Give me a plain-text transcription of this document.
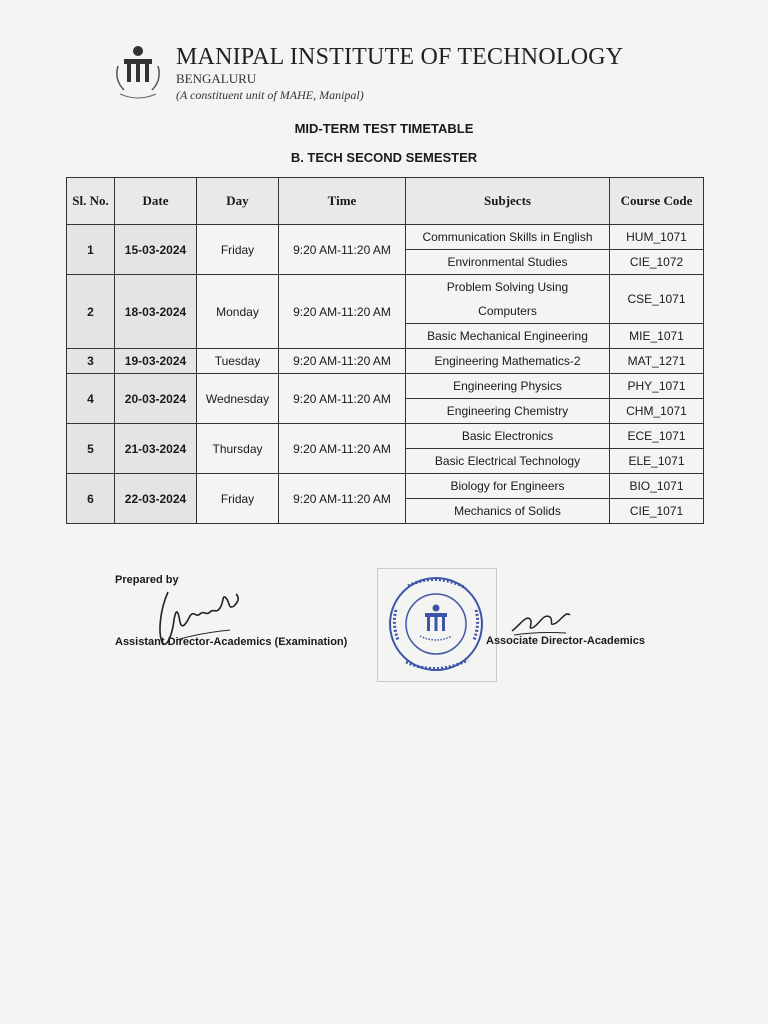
MANIPAL INSTITUTE OF TECHNOLOGY
BENGALURU
(A constituent unit of MAHE, Manipal)
MID-TERM TEST TIMETABLE
B. TECH SECOND SEMESTER
Sl. No.	Date	Day	Time	Subjects	Course Code
1	15-03-2024	Friday	9:20 AM-11:20 AM	Communication Skills in English	HUM_1071
				Environmental Studies	CIE_1072
2	18-03-2024	Monday	9:20 AM-11:20 AM	Problem Solving Using Computers	CSE_1071
				Basic Mechanical Engineering	MIE_1071
3	19-03-2024	Tuesday	9:20 AM-11:20 AM	Engineering Mathematics-2	MAT_1271
4	20-03-2024	Wednesday	9:20 AM-11:20 AM	Engineering Physics	PHY_1071
				Engineering Chemistry	CHM_1071
5	21-03-2024	Thursday	9:20 AM-11:20 AM	Basic Electronics	ECE_1071
				Basic Electrical Technology	ELE_1071
6	22-03-2024	Friday	9:20 AM-11:20 AM	Biology for Engineers	BIO_1071
				Mechanics of Solids	CIE_1071
Prepared by
Assistant Director-Academics (Examination)	Associate Director-Academics
